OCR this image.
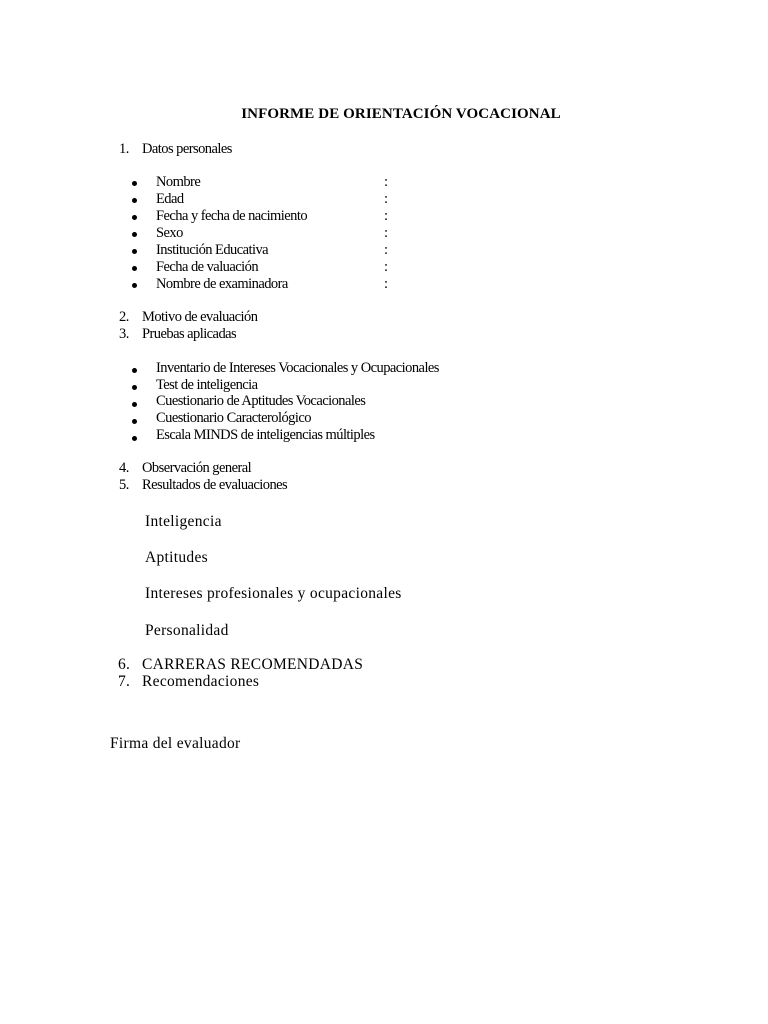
INFORME DE ORIENTACIÓN VOCACIONAL
1. Datos personales
Nombre	:
Edad	:
Fecha y fecha de nacimiento	:
Sexo	:
Institución Educativa	:
Fecha de valuación	:
Nombre de examinadora	:
2. Motivo de evaluación
3. Pruebas aplicadas
Inventario de Intereses Vocacionales y Ocupacionales
Test de inteligencia
Cuestionario de Aptitudes Vocacionales
Cuestionario Caracterológico
Escala MINDS de inteligencias múltiples
4. Observación general
5. Resultados de evaluaciones
Inteligencia
Aptitudes
Intereses profesionales y ocupacionales
Personalidad
6. CARRERAS RECOMENDADAS
7. Recomendaciones
Firma del evaluador
